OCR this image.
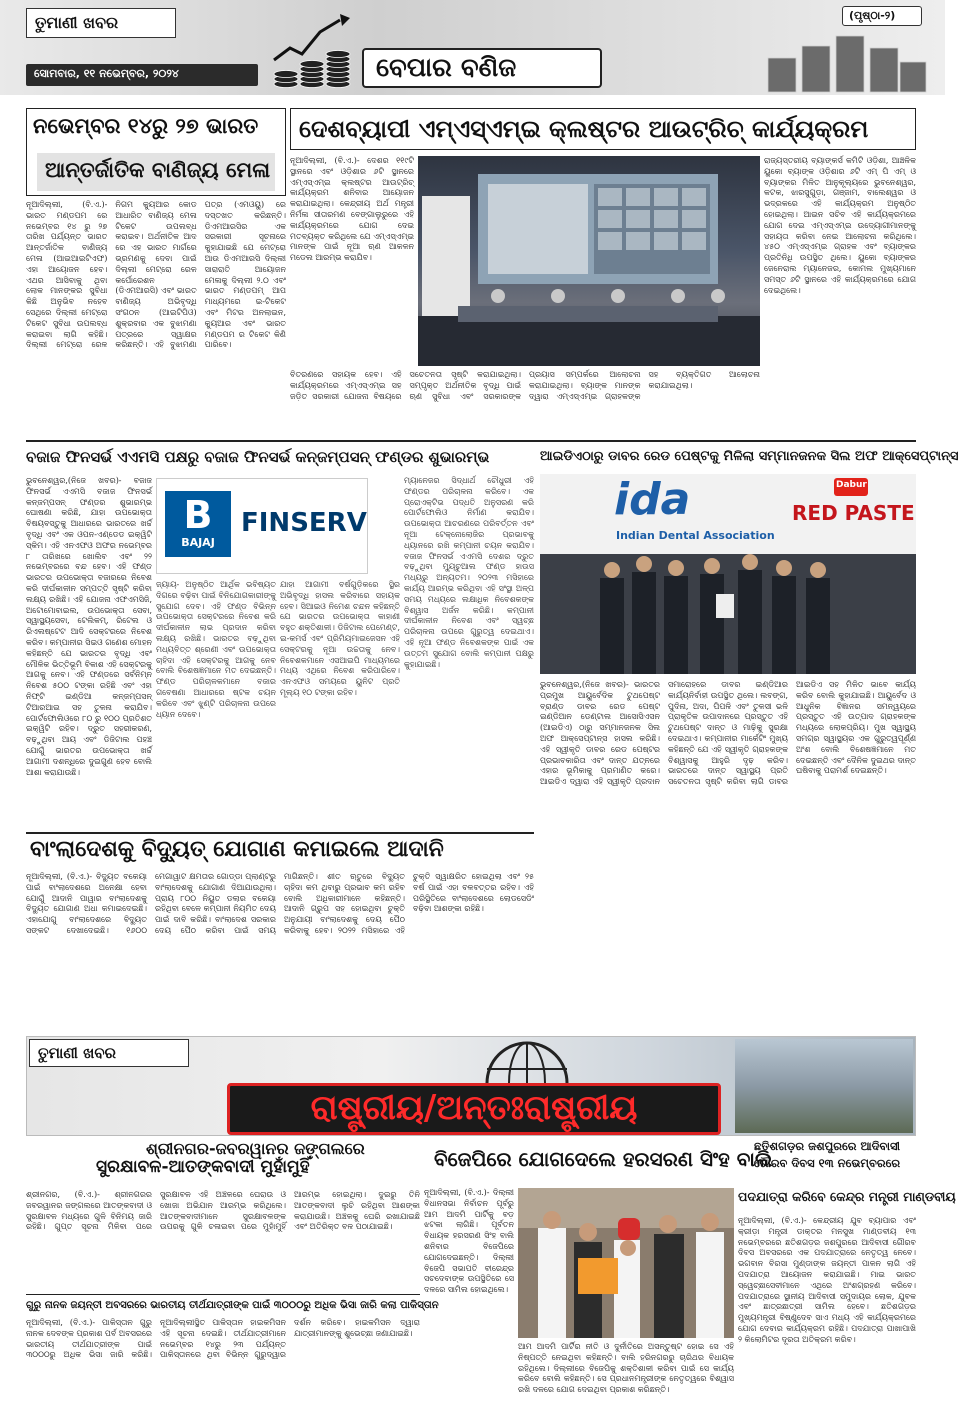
ତୁମାଣୀ ଖବର
ସୋମବାର, ୧୧ ନଭେମ୍ବର, ୨୦୨୪	ବେପାର ବଣିଜ
(ପୃଷ୍ଠା-୨)
ନଭେମ୍ବର ୧୪ରୁ ୨୭ ଭାରତ
ଆନ୍ତର୍ଜାତିକ ବାଣିଜ୍ୟ ମେଳା
ନୂଆଦିଲ୍ଲୀ, (ବି.ଏ.)- ଭାରତ ମଣ୍ଡପମ ରେ ନଭେମ୍ବର ୧୪ ରୁ ୨୭ ତାରିଖ ପର୍ଯ୍ୟନ୍ତ ଭାରତ ଆନ୍ତର୍ଜାତିକ ବାଣିଜ୍ୟ ମେଳା (ଆଇଆଇଟିଏଫ) ଏହା ଆୟୋଜନ ହେବ। ଏଥର ଆସିବାକୁ ଥିବା ଲୋକ ମାନଙ୍କର ସୁବିଧା କିଛି ଅନୁଭିବ ନହେବ ସେଥିରେ ଦିଲ୍ଲୀ ମେଟ୍ରୋ ଟିକେଟ ସୁବିଧା ଉପଲବ୍ଧ କରାଇବା ଲାଗି କହିଛି। ଦିଲ୍ଲୀ ମେଟ୍ରୋ ରେଳ ନିଗମ କ୍ୟୁଆର କୋଡ ଆଧାରିତ ବାଣିଜ୍ୟ ମେଳା ଟିକେଟ ଉପଲବ୍ଧ କରାଇବ। ଅର୍ଥନୀତିକ ଆଦ ରେ ଏହ ଭାରତ ମାର୍ଗରେ ଭ୍ରମଣକୁ ଦେବା ପାଇଁ ଦିଲ୍ଲୀ ମେଟ୍ରୋ ରେଳ କର୍ପୋରେଶନ (ଡିଏମଆରସି) ଏବଂ ଭାରତ ବାଣିଜ୍ୟ ଅଭିବୃଦ୍ଧି ସଂଗଠନ (ଆଇଟିପିଓ) ଶୁକ୍ରବାର ଏକ ବୁଝାମଣା ପତ୍ରରେ ସ୍ୱାକ୍ଷର କରିଛନ୍ତି। ଏହି ବୁଝାମଣା ପତ୍ର (ଏମଓୟୁ) ରେ ଦସ୍ତଖତ କରିଛନ୍ତି। ଡିଏମଆରସିର ଏକ ସରକାରୀ ସୂଚନାରେ କୁହାଯାଇଛି ଯେ ମେଟ୍ରୋ ଆଉ ଡିଏମଆରସି ଦିଲ୍ଲୀ ସାରାରାତି ଆୟୋଜନ ମେଳାକୁ ଦିଲ୍ଲୀ ୨.୦ ଏବଂ ଭାରତ ମଣ୍ଡପମ୍ ଆପ ମାଧ୍ୟମରେ ଇ-ଟିକେଟ ଏବଂ ମିଟର ଅନଲାଇନ, କ୍ୟୁଆର ଏବଂ ଭାରତ ମଣ୍ଡପମ ର ଟିକେଟ କିଣି ପାରିବେ।
ଦେଶବ୍ୟାପୀ ଏମ୍‌ଏସ୍‌ଏମ୍‌ଇ କ୍ଲଷ୍ଟର ଆଉଟ୍ରିଚ୍ କାର୍ଯ୍ୟକ୍ରମ
ନୂଆଦିଲ୍ଲୀ, (ବି.ଏ.)- ଦେଶର ୧୧୯ଟି ସ୍ଥାନରେ ଏବଂ ଓଡ଼ିଶାର ୬ଟି ସ୍ଥାନରେ ଏମ୍‌ଏସ୍‌ଏମ୍‌ଇ କ୍ଲଷ୍ଟର ଆଉଟ୍ରିଚ୍ କାର୍ଯ୍ୟକ୍ରମ ଶନିବାର ଆୟୋଜନ କରାଯାଇଥିଲା। କେନ୍ଦ୍ରୀୟ ଅର୍ଥ ମନ୍ତ୍ରୀ ନିର୍ମଳା ସୀତାରମଣ ବେଙ୍ଗାଲୁରୁରେ ଏହି କାର୍ଯ୍ୟକ୍ରମରେ ଯୋଗ ଦେଇ ମତବ୍ୟକ୍ତ କରିଥିଲେ ଯେ ଏମ୍‌ଏସ୍‌ଏମ୍‌ଇ ମାନଙ୍କ ପାଇଁ ନୂଆ ଋଣ ଆକଳନ ମଡେଲ ଆରମ୍ଭ କରାଯିବ।
ରାଜ୍ୟସ୍ତରୀୟ ବ୍ୟାଙ୍କର୍ସ କମିଟି ଓଡ଼ିଶା, ଆଞ୍ଚଳିକ ୟୁକୋ ବ୍ୟାଙ୍କ ଓଡ଼ିଶାର ୬ଟି ଏମ୍ ପି ଏମ୍ ଓ ବ୍ୟାଙ୍କର ମିଳିତ ଆନୁକୂଲ୍ୟରେ ଭୁବନେଶ୍ୱର, କଟକ, ଝାରସୁଗୁଡ଼ା, ଗଞ୍ଜାମ, ବାଲେଶ୍ୱର ଓ ଭଦ୍ରକରେ ଏହି କାର୍ଯ୍ୟକ୍ରମ ଅନୁଷ୍ଠିତ ହୋଇଥିଲା। ଆଇନ ସଚିବ ଏହି କାର୍ଯ୍ୟକ୍ରମରେ ଯୋଗ ଦେଇ ଏମ୍‌ଏସ୍‌ଏମ୍‌ଇ ଉଦ୍ୟୋଗୀମାନଙ୍କୁ ସହାୟତା କରିବା ନେଇ ଆଲୋଚନା କରିଥିଲେ। ୪୫୦ ଏମ୍‌ଏସ୍‌ଏମ୍‌ଇ ଗ୍ରାହକ ଏବଂ ବ୍ୟାଙ୍କର ପ୍ରତିନିଧି ଉପସ୍ଥିତ ଥିଲେ। ୟୁକୋ ବ୍ୟାଙ୍କର ଜେନେରାଲ ମ୍ୟାନେଜର, କୋମଲ ମୁଖ୍ୟମାନେ ସମସ୍ତ ୬ଟି ସ୍ଥାନରେ ଏହି କାର୍ଯ୍ୟକ୍ରମରେ ଯୋଗ ଦେଇଥିଲେ।
ବିତରଣରେ ସହାୟକ ହେବ। ଏହି କାର୍ଯ୍ୟକ୍ରମରେ ଏମ୍‌ଏସ୍‌ଏମ୍‌ଇ ସହ ଜଡ଼ିତ ସରକାରୀ ଯୋଜନା ବିଷୟରେ ସଚେତନତା ସୃଷ୍ଟି କରାଯାଇଥିଲା। ସମ୍ପୃକ୍ତ ଅର୍ଥନୀତିକ ବୃଦ୍ଧି ପାଇଁ ଋଣ ସୁବିଧା ଏବଂ ସରକାରଙ୍କ ପ୍ରୟାସ ସମ୍ପର୍କରେ ଆଲୋଚନା କରାଯାଇଥିଲା। ବ୍ୟାଙ୍କ ମାନଙ୍କ ଦ୍ୱାରା ଏମ୍‌ଏସ୍‌ଏମ୍‌ଇ ଗ୍ରାହକଙ୍କ ସହ ବ୍ୟକ୍ତିଗତ ଆଲୋଚନା କରାଯାଇଥିଲା।
ବଜାଜ ଫିନସର୍ଭ ଏଏମସି ପକ୍ଷରୁ ବଜାଜ ଫିନସର୍ଭ କନ୍‌ଜମ୍ପସନ୍ ଫଣ୍ଡର ଶୁଭାରମ୍ଭ
ଭୁବନେଶ୍ୱର,(ନିଜେ ଖବର)- ବଜାଜ ଫିନସର୍ଭ ଏଏମସି ବଜାଜ ଫିନସର୍ଭ କନ୍‌ଜମ୍ପସନ୍ ଫଣ୍ଡର ଶୁଭାରମ୍ଭ ଘୋଷଣା କରିଛି, ଯାହା ଉପଭୋକ୍ତା ବିଷୟବସ୍ତୁକୁ ଆଧାରରେ ଭାରତରେ ଖର୍ଚ୍ଚ ବୃଦ୍ଧି ଏବଂ ଏକ ଓପନ-ଏଣ୍ଡେଡ ଇକ୍ୱିଟି ସ୍କିମ। ଏହି ଏନଏଫଓ ଅଫର ନଭେମ୍ବର ୮ ତାରିଖରେ ଖୋଲିବ ଏବଂ ୨୨ ନଭେମ୍ବରରେ ବନ୍ଦ ହେବ। ଏହି ଫଣ୍ଡ ଭାରତର ଉପଭୋକ୍ତା ବଜାରରେ ନିବେଶ କରି ଦୀର୍ଘକାଳୀନ ସମ୍ପତ୍ତି ସୃଷ୍ଟି କରିବା ଲକ୍ଷ୍ୟ ରଖିଛି। ଏହି ଯୋଜନା ଏଫଏମସିଜି, ଅଟୋମୋବାଇଲ, ଉପଭୋକ୍ତା ସେବା, ସ୍ୱାସ୍ଥ୍ୟସେବା, ଟେଲିକମ୍, ରିଟେଲ ଓ ରିଏଲଷ୍ଟେଟ ଆଦି ସେକ୍ଟରରେ ନିବେଶ କରିବ। କମ୍ପାନୀର ସିଇଓ ଗଣେଶ ମୋହନ କହିଛନ୍ତି ଯେ ଭାରତର ବୃଦ୍ଧି ଏବଂ ମୌଳିକ ଭିତ୍ତିଭୂମି ବିକାଶ ଏହି ସେକ୍ଟରକୁ ଆଗକୁ ନେବ। ଏହି ଫଣ୍ଡରେ ସର୍ବନିମ୍ନ ନିବେଶ ୫୦୦ ଟଙ୍କା ରହିଛି ଏବଂ ଏହା ନିଫ୍ଟି ଇଣ୍ଡିଆ କନ୍‌ଜମ୍ପସନ୍ ଟିଆରଆଇ ସହ ତୁଳନା କରାଯିବ। ପୋର୍ଟଫୋଲିଓରେ ୮୦ ରୁ ୧୦୦ ପ୍ରତିଶତ ଇକ୍ୱିଟି ରହିବ। ଦ୍ରୁତ ସହରୀକରଣ, ବଢ଼ୁଥିବା ଆୟ ଏବଂ ଡିଜିଟାଲ ପହଞ୍ଚ ଯୋଗୁଁ ଭାରତର ଉପଭୋକ୍ତା ଖର୍ଚ୍ଚ ଆଗାମୀ ଦଶନ୍ଧିରେ ଦୁଇଗୁଣ ହେବ ବୋଲି ଆଶା କରାଯାଉଛି।
B
BAJAJ
FINSERV
ଜ୍ୟାୟ- ଅନୁଷ୍ଠିତ ଆର୍ଥିକ ଭବିଷ୍ୟତ ଦିଗରେ ବଢ଼ିବା ପାଇଁ ବିନିଯୋଗକାରୀଙ୍କୁ ସୁଯୋଗ ଦେବ। ଏହି ଫଣ୍ଡ ବିଭିନ୍ନ ଉପଭୋକ୍ତା ସେକ୍ଟରରେ ନିବେଶ କରି ଦୀର୍ଘକାଳୀନ ଲାଭ ପ୍ରଦାନ କରିବା ଲକ୍ଷ୍ୟ ରଖିଛି। ଭାରତର ବଢ଼ୁଥିବା ମଧ୍ୟବିତ୍ତ ଶ୍ରେଣୀ ଏବଂ ଉପଭୋକ୍ତା ଚାହିଦା ଏହି ସେକ୍ଟରକୁ ଆଗକୁ ନେବ ବୋଲି ବିଶେଷଜ୍ଞମାନେ ମତ ଦେଇଛନ୍ତି। ଫଣ୍ଡ ପରିଚାଳକମାନେ ବଜାର ଗବେଷଣା ଆଧାରରେ ଷ୍ଟକ ଚୟନ କରିବେ ଏବଂ ଝୁଣ୍ଟି ପରିଚାଳନା ଉପରେ ଧ୍ୟାନ ଦେବେ।
ଯାହା ଆଗାମୀ ବର୍ଷଗୁଡ଼ିକରେ ସ୍ଥିର ଅଭିବୃଦ୍ଧି ହାସଲ କରିବାରେ ସହାୟକ ହେବ। ସିଆଇଓ ନିମେଶ ଚନ୍ଦନ କହିଛନ୍ତି ଯେ ଭାରତର ଉପଭୋକ୍ତା କାହାଣୀ ବହୁତ ଶକ୍ତିଶାଳୀ। ଡିଜିଟାଲ ପେମେଣ୍ଟ, ଇ-କମର୍ସ ଏବଂ ପ୍ରିମିୟମାଇଜେସନ ଏହି ସେକ୍ଟରକୁ ନୂଆ ଉଚ୍ଚତାକୁ ନେବ। ନିବେଶକମାନେ ଏସଆଇପି ମାଧ୍ୟମରେ ମଧ୍ୟ ଏଥିରେ ନିବେଶ କରିପାରିବେ। ଏନଏଫଓ ସମୟରେ ୟୁନିଟ ପ୍ରତି ମୂଲ୍ୟ ୧୦ ଟଙ୍କା ରହିବ।
ମ୍ୟାନେଜର ସିଦ୍ଧାର୍ଥ ଚୌଧୁରୀ ଏହି ଫଣ୍ଡର ପରିଚାଳନା କରିବେ। ଏକ ପ୍ରୋଏକ୍ଟିଭ ପଦ୍ଧତି ଅନୁସରଣ କରି ପୋର୍ଟଫୋଲିଓ ନିର୍ମାଣ କରାଯିବ। ଉପଭୋକ୍ତା ଆଚରଣରେ ପରିବର୍ତ୍ତନ ଏବଂ ନୂଆ ଟେକ୍ନୋଲୋଜିର ପ୍ରଭାବକୁ ଧ୍ୟାନରେ ରଖି କମ୍ପାନୀ ଚୟନ କରାଯିବ। ବଜାଜ ଫିନସର୍ଭ ଏଏମସି ଦେଶର ଦ୍ରୁତ ବଢ଼ୁଥିବା ମ୍ୟୁଚୁଆଲ ଫଣ୍ଡ ହାଉସ ମଧ୍ୟରୁ ଅନ୍ୟତମ। ୨୦୨୩ ମସିହାରେ କାର୍ଯ୍ୟ ଆରମ୍ଭ କରିଥିବା ଏହି ସଂସ୍ଥା ଅଳ୍ପ ସମୟ ମଧ୍ୟରେ ଲକ୍ଷାଧିକ ନିବେଶକଙ୍କ ବିଶ୍ୱାସ ଅର୍ଜନ କରିଛି। କମ୍ପାନୀ ଦୀର୍ଘକାଳୀନ ନିବେଶ ଏବଂ ସ୍ୱଚ୍ଛ ପରିଚାଳନା ଉପରେ ଗୁରୁତ୍ୱ ଦେଇଥାଏ। ଏହି ନୂଆ ଫଣ୍ଡ ନିବେଶକଙ୍କ ପାଇଁ ଏକ ଉତ୍ତମ ସୁଯୋଗ ବୋଲି କମ୍ପାନୀ ପକ୍ଷରୁ କୁହାଯାଇଛି।
ଆଇଡିଏଠାରୁ ଡାବର ରେଡ ପେଷ୍ଟକୁ ମିଳିଲା ସମ୍ମାନଜନକ ସିଲ ଅଫ ଆକ୍ସେପ୍ଟାନ୍ସ
ida
Indian Dental Association
Dabur
RED PASTE
ଭୁବନେଶ୍ୱର,(ନିଜେ ଖବର)- ଭାରତର ପ୍ରମୁଖ ଆୟୁର୍ବେଦିକ ଟୁଥପେଷ୍ଟ ବ୍ରାଣ୍ଡ ଡାବର ରେଡ ପେଷ୍ଟ ଇଣ୍ଡିଆନ ଡେଣ୍ଟାଲ ଆସୋସିଏସନ (ଆଇଡିଏ) ଠାରୁ ସମ୍ମାନଜନକ ସିଲ ଅଫ ଆକ୍ସେପ୍ଟାନ୍ସ ହାସଲ କରିଛି। ଏହି ସ୍ୱୀକୃତି ଡାବର ରେଡ ପେଷ୍ଟର ପ୍ରଭାବକାରିତା ଏବଂ ଦାନ୍ତ ଯତ୍ନରେ ଏହାର ଭୂମିକାକୁ ପ୍ରମାଣିତ କରେ। ଆଇଡିଏ ଦ୍ୱାରା ଏହି ସ୍ୱୀକୃତି ପ୍ରଦାନ ସମାରୋହରେ ଡାବର ଇଣ୍ଡିଆର କାର୍ଯ୍ୟନିର୍ବାହୀ ଉପସ୍ଥିତ ଥିଲେ। ଲବଙ୍ଗ, ପୁଦିନା, ଅଦା, ପିପଳି ଏବଂ ତୁଳସୀ ଭଳି ପ୍ରାକୃତିକ ଉପାଦାନରେ ପ୍ରସ୍ତୁତ ଏହି ଟୁଥପେଷ୍ଟ ଦାନ୍ତ ଓ ମାଢ଼ିକୁ ସୁରକ୍ଷା ଦେଇଥାଏ। କମ୍ପାନୀର ମାର୍କେଟିଂ ମୁଖ୍ୟ କହିଛନ୍ତି ଯେ ଏହି ସ୍ୱୀକୃତି ଗ୍ରାହକଙ୍କ ବିଶ୍ୱାସକୁ ଆହୁରି ଦୃଢ଼ କରିବ। ଭାରତରେ ଦାନ୍ତ ସ୍ୱାସ୍ଥ୍ୟ ପ୍ରତି ସଚେତନତା ସୃଷ୍ଟି କରିବା ଲାଗି ଡାବର ଆଇଡିଏ ସହ ମିଳିତ ଭାବେ କାର୍ଯ୍ୟ କରିବ ବୋଲି କୁହାଯାଇଛି। ଆୟୁର୍ବେଦ ଓ ଆଧୁନିକ ବିଜ୍ଞାନର ସମନ୍ୱୟରେ ପ୍ରସ୍ତୁତ ଏହି ଉତ୍ପାଦ ଗ୍ରାହକଙ୍କ ମଧ୍ୟରେ ଲୋକପ୍ରିୟ। ମୁଖ ସ୍ୱାସ୍ଥ୍ୟ ସମଗ୍ର ସ୍ୱାସ୍ଥ୍ୟର ଏକ ଗୁରୁତ୍ୱପୂର୍ଣ୍ଣ ଅଂଶ ବୋଲି ବିଶେଷଜ୍ଞମାନେ ମତ ଦେଇଛନ୍ତି ଏବଂ ଦୈନିକ ଦୁଇଥର ଦାନ୍ତ ଘଷିବାକୁ ପରାମର୍ଶ ଦେଇଛନ୍ତି।
ବାଂଲାଦେଶକୁ ବିଦ୍ୟୁତ୍ ଯୋଗାଣ କମାଇଲେ ଆଦାନି
ନୂଆଦିଲ୍ଲୀ, (ବି.ଏ.)- ବିଦ୍ୟୁତ ବକେୟା ପାଇଁ ବାଂଲାଦେଶରେ ଅନେକ୍ଷା ହେବା ଯୋଗୁଁ ଆଦାନି ପାୱାର ବାଂଲାଦେଶକୁ ବିଦ୍ୟୁତ ଯୋଗାଣ ଅଧା କମାଇଦେଇଛି। ଏହାଯୋଗୁ ବାଂଲାଦେଶରେ ବିଦ୍ୟୁତ ସଙ୍କଟ ଦେଖାଦେଇଛି। ୧୬୦୦ ମେଗାୱାଟ କ୍ଷମତାର ଗୋଡ୍ଡା ପ୍ଲାଣ୍ଟରୁ ବାଂଲାଦେଶକୁ ଯୋଗାଣ ଦିଆଯାଉଥିଲା। ପ୍ରାୟ ୮୦୦ ନିୟୁତ ଡଲାର ବକେୟା ରହିଥିବା ବେଳେ କମ୍ପାନୀ ନିୟମିତ ଦେୟ ପାଇଁ ଦାବି କରିଛି। ବାଂଲାଦେଶ ସରକାର ଦେୟ ପୈଠ କରିବା ପାଇଁ ସମୟ ମାଗିଛନ୍ତି। ଶୀତ ଋତୁରେ ବିଦ୍ୟୁତ ଚାହିଦା କମ ଥିବାରୁ ପ୍ରଭାବ କମ ରହିବ ବୋଲି ଅଧିକାରୀମାନେ କହିଛନ୍ତି। ଆଦାନି ଗ୍ରୁପ ସହ ହୋଇଥିବା ଚୁକ୍ତି ଅନୁଯାୟୀ ବାଂଲାଦେଶକୁ ଦେୟ ପୈଠ କରିବାକୁ ହେବ। ୨୦୨୨ ମସିହାରେ ଏହି ଚୁକ୍ତି ସ୍ୱାକ୍ଷରିତ ହୋଇଥିଲା ଏବଂ ୨୫ ବର୍ଷ ପାଇଁ ଏହା ବଳବତ୍ତର ରହିବ। ଏହି ପରିସ୍ଥିତିରେ ବାଂଲାଦେଶରେ ଲୋଡସେଡିଂ ବଢ଼ିବା ଆଶଙ୍କା ରହିଛି।
ତୁମାଣୀ ଖବର
ରାଷ୍ଟ୍ରୀୟ/ଅନ୍ତଃରାଷ୍ଟ୍ରୀୟ
ଶ୍ରୀନଗର-ଜବରୱାନର ଜଙ୍ଗଲରେ
ସୁରକ୍ଷାବଳ-ଆତଙ୍କବାଦୀ ମୁହାଁମୁହିଁ
ଶ୍ରୀନଗର, (ବି.ଏ.)- ଶ୍ରୀନଗରର ଜବରୱାନର ଜଙ୍ଗଲରେ ଆତଙ୍କବାଦୀ ଓ ସୁରକ୍ଷାବଳ ମଧ୍ୟରେ ଗୁଳି ବିନିମୟ ଜାରି ରହିଛି। ଗୁପ୍ତ ସୂଚନା ମିଳିବା ପରେ ସୁରକ୍ଷାବଳ ଏହି ଅଞ୍ଚଳରେ ଘେରାଉ ଓ ଖୋଜା ଅଭିଯାନ ଆରମ୍ଭ କରିଥିଲେ। ଆତଙ୍କବାଦୀମାନେ ସୁରକ୍ଷାବଳଙ୍କ ଉପରକୁ ଗୁଳି ଚଳାଇବା ପରେ ମୁହାଁମୁହିଁ ଆରମ୍ଭ ହୋଇଥିଲା। ଦୁଇରୁ ତିନି ଆତଙ୍କବାଦୀ ଲୁଚି ରହିଥିବା ଆଶଙ୍କା କରାଯାଉଛି। ଅଞ୍ଚଳକୁ ଘେରି ରଖାଯାଇଛି ଏବଂ ଅତିରିକ୍ତ ବଳ ପଠାଯାଇଛି।
ଗୁରୁ ନାନକ ଜୟନ୍ତୀ ଅବସରରେ ଭାରତୀୟ ତୀର୍ଥଯାତ୍ରୀଙ୍କ ପାଇଁ ୩୦୦୦ରୁ ଅଧିକ ଭିସା ଜାରି କଲା ପାକିସ୍ତାନ
ନୂଆଦିଲ୍ଲୀ, (ବି.ଏ.)- ପାକିସ୍ତାନ ଗୁରୁ ନାନକ ଦେବଙ୍କ ପ୍ରକାଶ ପର୍ବ ଅବସରରେ ଭାରତୀୟ ତୀର୍ଥଯାତ୍ରୀଙ୍କ ପାଇଁ ୩୦୦୦ରୁ ଅଧିକ ଭିସା ଜାରି କରିଛି। ନୂଆଦିଲ୍ଲୀସ୍ଥିତ ପାକିସ୍ତାନ ହାଇକମିସନ ଏହି ସୂଚନା ଦେଇଛି। ତୀର୍ଥଯାତ୍ରୀମାନେ ନଭେମ୍ବର ୧୪ରୁ ୨୩ ପର୍ଯ୍ୟନ୍ତ ପାକିସ୍ତାନରେ ଥିବା ବିଭିନ୍ନ ଗୁରୁଦ୍ୱାର ଦର୍ଶନ କରିବେ। ହାଇକମିସନ ଦ୍ୱାରା ଯାତ୍ରୀମାନଙ୍କୁ ଶୁଭେଚ୍ଛା ଜଣାଯାଇଛି।
ବିଜେପିରେ ଯୋଗଦେଲେ ହରସରଣ ସିଂହ ବାଲି
ନୂଆଦିଲ୍ଲୀ, (ବି.ଏ.)- ଦିଲ୍ଲୀ ବିଧାନସଭା ନିର୍ବାଚନ ପୂର୍ବରୁ ଆମ ଆଦମି ପାର୍ଟିକୁ ବଡ଼ ଝଟକା ଲାଗିଛି। ପୂର୍ବତନ ବିଧାୟକ ହରସରଣ ସିଂହ ବାଲି ଶନିବାର ବିଜେପିରେ ଯୋଗଦେଇଛନ୍ତି। ଦିଲ୍ଲୀ ବିଜେପି ସଭାପତି ବୀରେନ୍ଦ୍ର ସଚଦେବାଙ୍କ ଉପସ୍ଥିତିରେ ସେ ଦଳରେ ସାମିଲ ହୋଇଥିଲେ।
ଆମ ଆଦମି ପାର୍ଟିର ନୀତି ଓ ଦୁର୍ନୀତିରେ ଅସନ୍ତୁଷ୍ଟ ହୋଇ ସେ ଏହି ନିଷ୍ପତ୍ତି ନେଇଥିବା କହିଛନ୍ତି। ବାଲି ହରିନଗରରୁ ଚାରିଥର ବିଧାୟକ ରହିଥିଲେ। ଦିଲ୍ଲୀରେ ବିଜେପିକୁ ଶକ୍ତିଶାଳୀ କରିବା ପାଇଁ ସେ କାର୍ଯ୍ୟ କରିବେ ବୋଲି କହିଛନ୍ତି। ସେ ପ୍ରଧାନମନ୍ତ୍ରୀଙ୍କ ନେତୃତ୍ୱରେ ବିଶ୍ୱାସ ରଖି ଦଳରେ ଯୋଗ ଦେଇଥିବା ପ୍ରକାଶ କରିଛନ୍ତି।
ଛତିଶଗଡ଼ର ଜଶପୁରରେ ଆଦିବାସୀ
ଗୌରବ ଦିବସ ୧୩ ନଭେମ୍ବରରେ
ପଦଯାତ୍ରା କରିବେ କେନ୍ଦ୍ର ମନ୍ତ୍ରୀ ମାଣ୍ଡବୀୟ
ନୂଆଦିଲ୍ଲୀ, (ବି.ଏ.)- କେନ୍ଦ୍ରୀୟ ଯୁବ ବ୍ୟାପାର ଏବଂ କ୍ରୀଡ଼ା ମନ୍ତ୍ରୀ ଡାକ୍ତର ମନସୁଖ ମାଣ୍ଡବୀୟ ୧୩ ନଭେମ୍ବରରେ ଛତିଶଗଡ଼ର ଜଶପୁରରେ ଆଦିବାସୀ ଗୌରବ ଦିବସ ଅବସରରେ ଏକ ପଦଯାତ୍ରାରେ ନେତୃତ୍ୱ ନେବେ। ଭଗବାନ ବିରସା ମୁଣ୍ଡାଙ୍କ ଜୟନ୍ତୀ ପାଳନ ଲାଗି ଏହି ପଦଯାତ୍ରା ଆୟୋଜନ କରାଯାଇଛି। ମାଇ ଭାରତ ସ୍ୱେଚ୍ଛାସେବୀମାନେ ଏଥିରେ ଅଂଶଗ୍ରହଣ କରିବେ। ପଦଯାତ୍ରାରେ ସ୍ଥାନୀୟ ଆଦିବାସୀ ସମୁଦାୟର ଲୋକ, ଯୁବକ ଏବଂ ଛାତ୍ରଛାତ୍ରୀ ସାମିଲ ହେବେ। ଛତିଶଗଡ଼ର ମୁଖ୍ୟମନ୍ତ୍ରୀ ବିଷ୍ଣୁଦେବ ସାଏ ମଧ୍ୟ ଏହି କାର୍ଯ୍ୟକ୍ରମରେ ଯୋଗ ଦେବାର କାର୍ଯ୍ୟକ୍ରମ ରହିଛି। ପଦଯାତ୍ରା ପାଖାପାଖି ୨ କିଲୋମିଟର ଦୂରତା ଅତିକ୍ରମ କରିବ।
